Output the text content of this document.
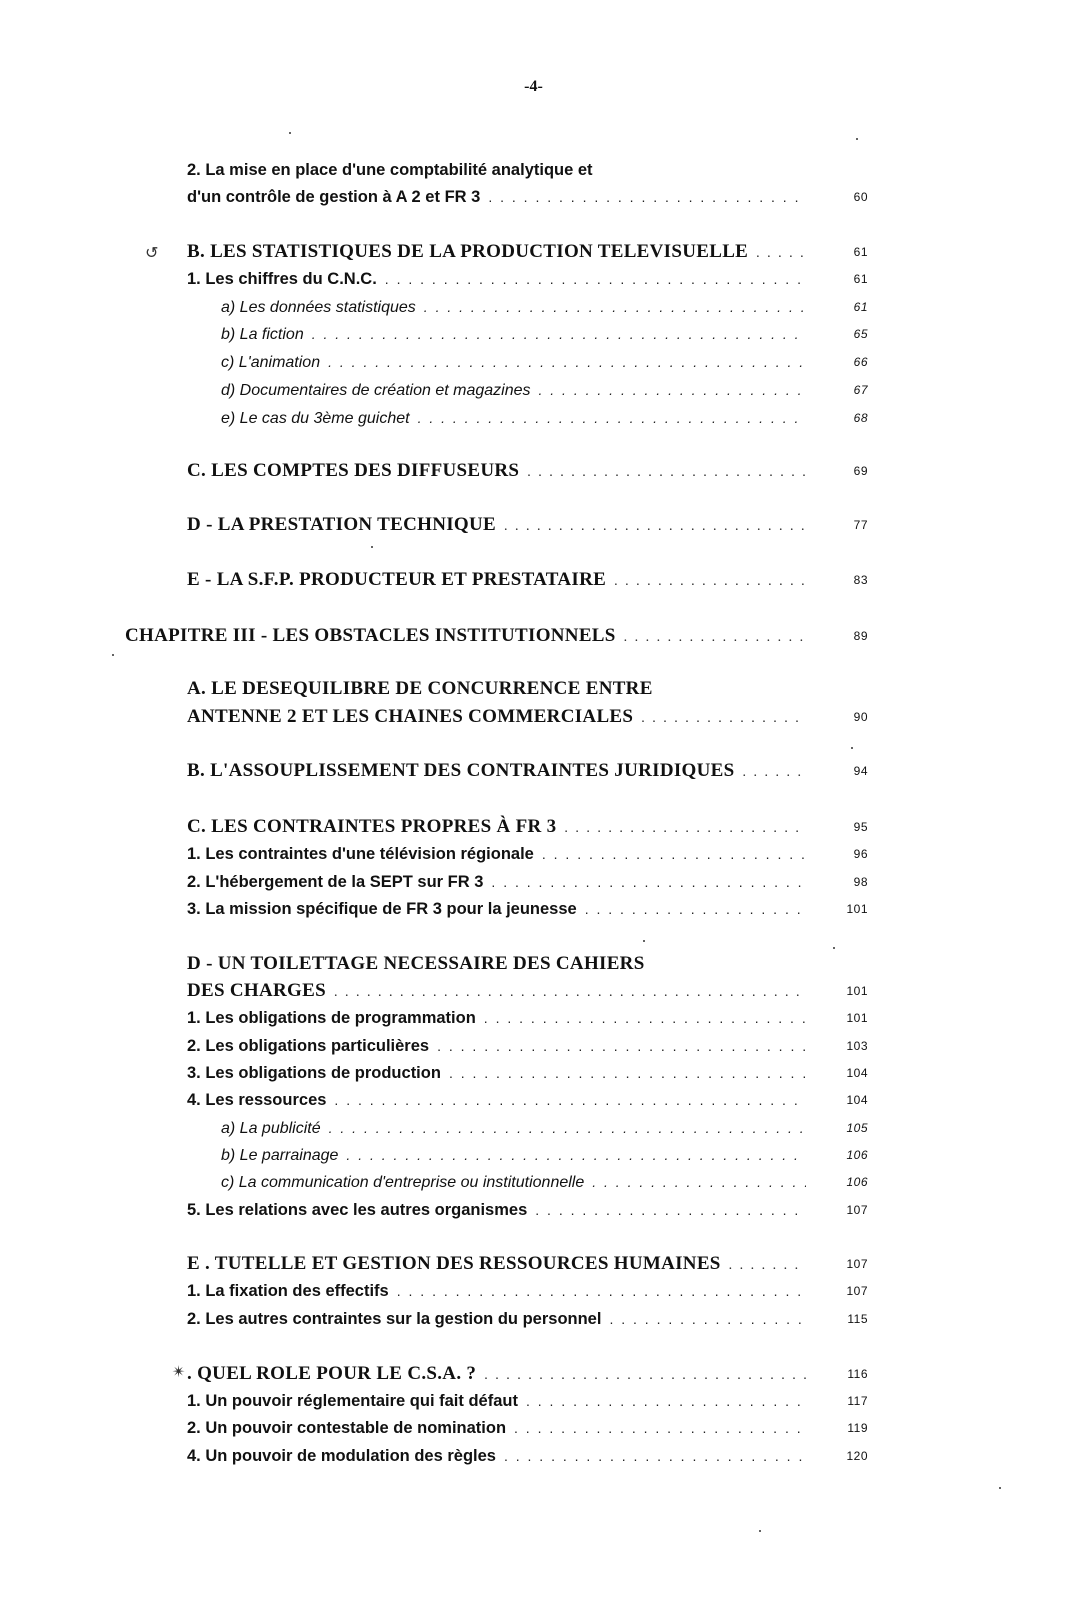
-4-
2. La mise en place d'une comptabilité analytique et
d'un contrôle de gestion à A 2 et FR 3 . . .	60
B. LES STATISTIQUES DE LA PRODUCTION TELEVISUELLE . . .	61
1. Les chiffres du C.N.C. . . .	61
a) Les données statistiques . . .	61
b) La fiction . . .	65
c) L'animation . . .	66
d) Documentaires de création et magazines . . .	67
e) Le cas du 3ème guichet . . .	68
C. LES COMPTES DES DIFFUSEURS . . .	69
D - LA PRESTATION TECHNIQUE . . .	77
E - LA S.F.P. PRODUCTEUR ET PRESTATAIRE . . .	83
CHAPITRE III - LES OBSTACLES INSTITUTIONNELS . . .	89
A. LE DESEQUILIBRE DE CONCURRENCE ENTRE
ANTENNE 2 ET LES CHAINES COMMERCIALES . . .	90
B. L'ASSOUPLISSEMENT DES CONTRAINTES JURIDIQUES . . .	94
C. LES CONTRAINTES PROPRES À FR 3 . . .	95
1. Les contraintes d'une télévision régionale . . .	96
2. L'hébergement de la SEPT sur FR 3 . . .	98
3. La mission spécifique de FR 3 pour la jeunesse . . .	101
D - UN TOILETTAGE NECESSAIRE DES CAHIERS
DES CHARGES . . .	101
1. Les obligations de programmation . . .	101
2. Les obligations particulières . . .	103
3. Les obligations de production . . .	104
4. Les ressources . . .	104
a) La publicité . . .	105
b) Le parrainage . . .	106
c) La communication d'entreprise ou institutionnelle . . .	106
5. Les relations avec les autres organismes . . .	107
E . TUTELLE ET GESTION DES RESSOURCES HUMAINES . . .	107
1. La fixation des effectifs . . .	107
2. Les autres contraintes sur la gestion du personnel . . .	115
. QUEL ROLE POUR LE C.S.A. ? . . .	116
1. Un pouvoir réglementaire qui fait défaut . . .	117
2. Un pouvoir contestable de nomination . . .	119
4. Un pouvoir de modulation des règles . . .	120
↺
✴
